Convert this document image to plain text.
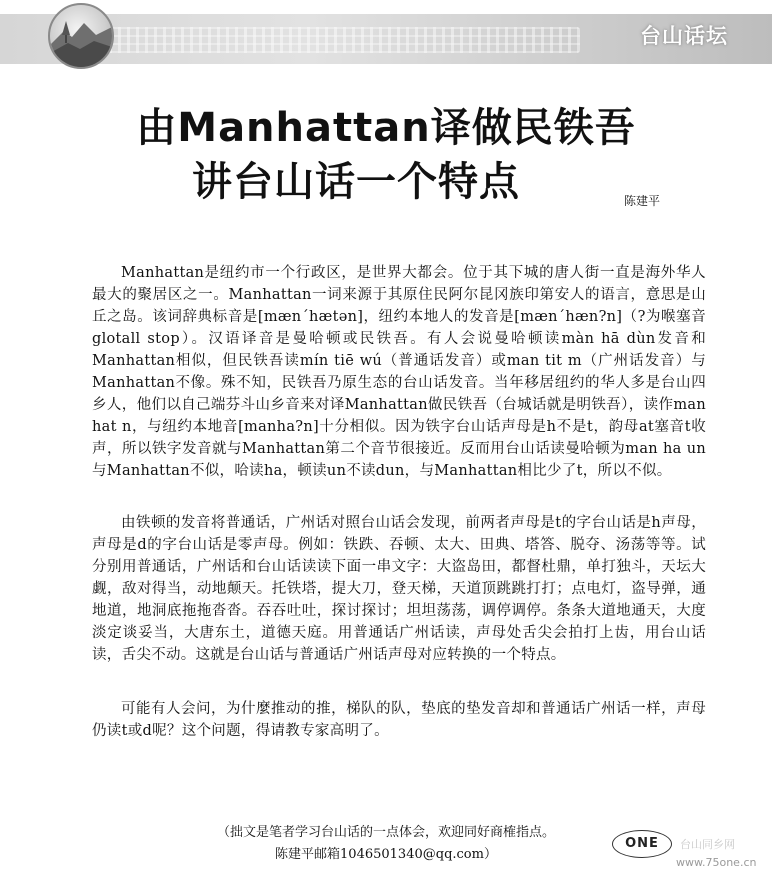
台山话坛
由Manhattan译做民铁吾
讲台山话一个特点	陈建平

Manhattan是纽约市一个行政区，是世界大都会。位于其下城的唐人街一直是海外华人最大的聚居区之一。Manhattan一词来源于其原住民阿尔昆冈族印第安人的语言，意思是山丘之岛。该词辞典标音是[mæn´hætən]，纽约本地人的发音是[mæn´hæn?n]（?为喉塞音glotall stop）。汉语译音是曼哈顿或民铁吾。有人会说曼哈顿读màn hā dùn发音和Manhattan相似，但民铁吾读mín tiē wú（普通话发音）或man tit m（广州话发音）与Manhattan不像。殊不知，民铁吾乃原生态的台山话发音。当年移居纽约的华人多是台山四乡人，他们以自己端芬斗山乡音来对译Manhattan做民铁吾（台城话就是明铁吾），读作man hat n，与纽约本地音[manha?n]十分相似。因为铁字台山话声母是h不是t，韵母at塞音t收声，所以铁字发音就与Manhattan第二个音节很接近。反而用台山话读曼哈顿为man ha un与Manhattan不似，哈读ha，顿读un不读dun，与Manhattan相比少了t，所以不似。

由铁顿的发音将普通话，广州话对照台山话会发现，前两者声母是t的字台山话是h声母，声母是d的字台山话是零声母。例如：铁跌、吞顿、太大、田典、塔答、脱夺、汤荡等等。试分别用普通话，广州话和台山话读读下面一串文字：大盗岛田，都督杜鼎，单打独斗，天坛大觑，敌对得当，动地颠天。托铁塔，提大刀，登天梯，天道顶跳跳打打；点电灯，盗导弹，通地道，地洞底拖拖沓沓。吞吞吐吐，探讨探讨；坦坦荡荡，调停调停。条条大道地通天，大度淡定谈妥当，大唐东土，道德天庭。用普通话广州话读，声母处舌尖会拍打上齿，用台山话读，舌尖不动。这就是台山话与普通话广州话声母对应转换的一个特点。

可能有人会问，为什麼推动的推，梯队的队，垫底的垫发音却和普通话广州话一样，声母仍读t或d呢？这个问题，得请教专家高明了。

（拙文是笔者学习台山话的一点体会，欢迎同好商榷指点。
陈建平邮箱1046501340@qq.com）
ONE	台山同乡网
www.75one.cn
